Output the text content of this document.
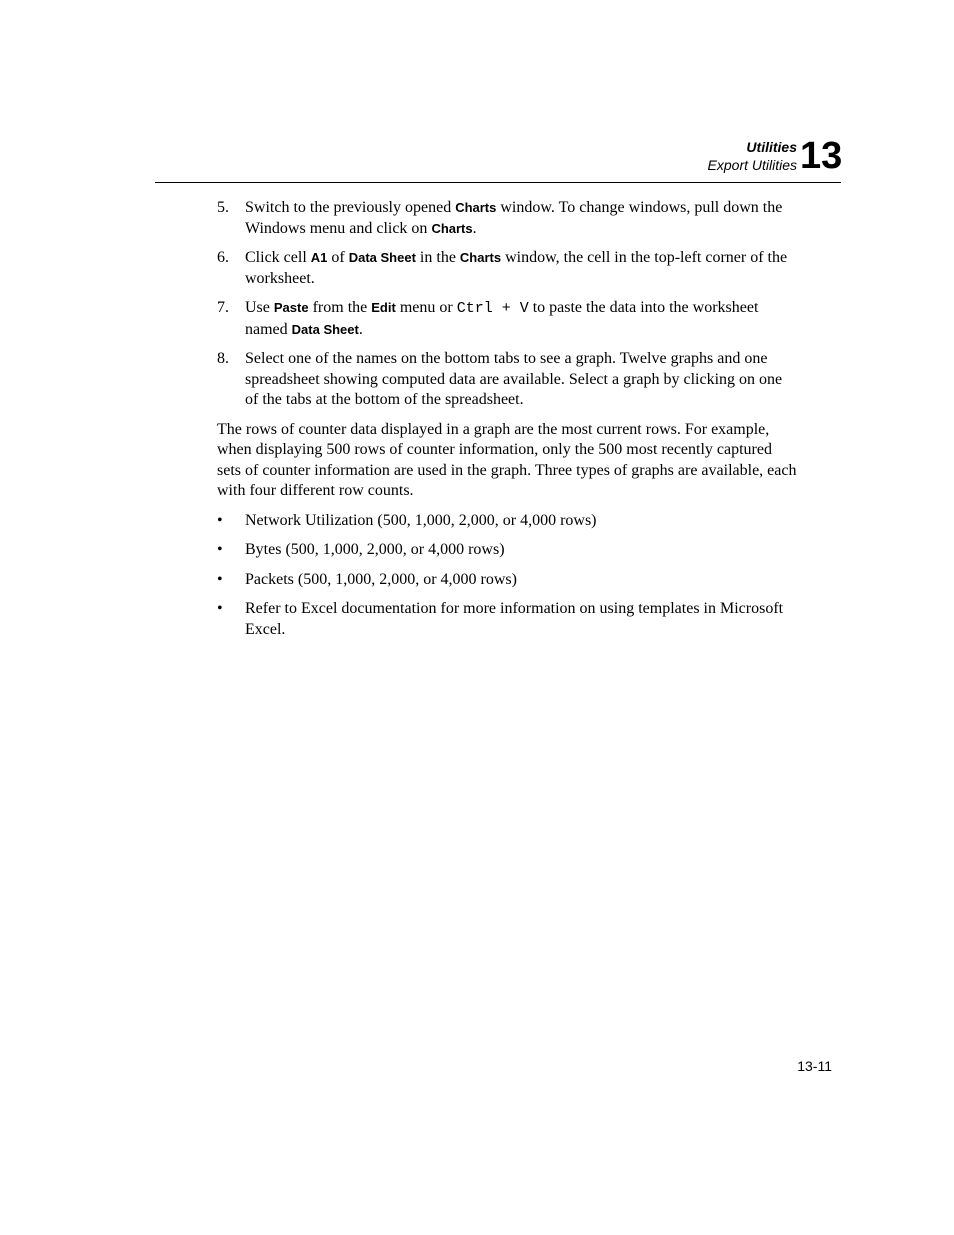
Utilities
Export Utilities 13
5. Switch to the previously opened Charts window. To change windows, pull down the Windows menu and click on Charts.
6. Click cell A1 of Data Sheet in the Charts window, the cell in the top-left corner of the worksheet.
7. Use Paste from the Edit menu or Ctrl + V to paste the data into the worksheet named Data Sheet.
8. Select one of the names on the bottom tabs to see a graph. Twelve graphs and one spreadsheet showing computed data are available. Select a graph by clicking on one of the tabs at the bottom of the spreadsheet.

The rows of counter data displayed in a graph are the most current rows. For example, when displaying 500 rows of counter information, only the 500 most recently captured sets of counter information are used in the graph. Three types of graphs are available, each with four different row counts.

• Network Utilization (500, 1,000, 2,000, or 4,000 rows)
• Bytes (500, 1,000, 2,000, or 4,000 rows)
• Packets (500, 1,000, 2,000, or 4,000 rows)
• Refer to Excel documentation for more information on using templates in Microsoft Excel.
13-11
